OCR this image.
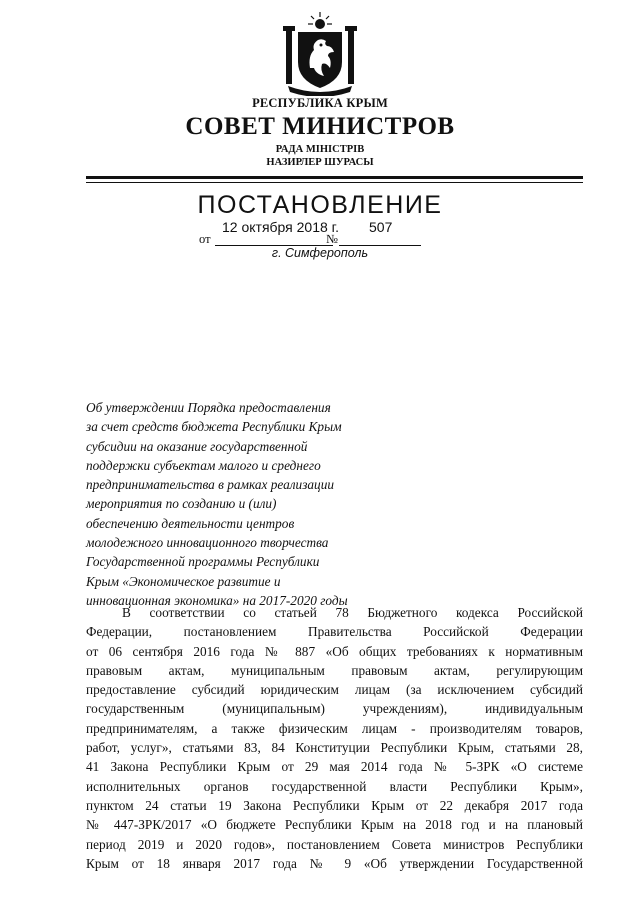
РЕСПУБЛИКА КРЫМ
СОВЕТ МИНИСТРОВ
РАДА МІНІСТРІВ
НАЗИРЛЕР ШУРАСЫ
ПОСТАНОВЛЕНИЕ
12 октября 2018 г. 507
от	№
г. Симферополь
Об утверждении Порядка предоставления
за счет средств бюджета Республики Крым
субсидии на оказание государственной
поддержки субъектам малого и среднего
предпринимательства в рамках реализации
мероприятия по созданию и (или)
обеспечению деятельности центров
молодежного инновационного творчества
Государственной программы Республики
Крым «Экономическое развитие и
инновационная экономика» на 2017-2020 годы
В соответствии со статьей 78 Бюджетного кодекса Российской
Федерации, постановлением Правительства Российской Федерации
от 06 сентября 2016 года № 887 «Об общих требованиях к нормативным
правовым актам, муниципальным правовым актам, регулирующим
предоставление субсидий юридическим лицам (за исключением субсидий
государственным (муниципальным) учреждениям), индивидуальным
предпринимателям, а также физическим лицам - производителям товаров,
работ, услуг», статьями 83, 84 Конституции Республики Крым, статьями 28,
41 Закона Республики Крым от 29 мая 2014 года № 5-ЗРК «О системе
исполнительных органов государственной власти Республики Крым»,
пунктом 24 статьи 19 Закона Республики Крым от 22 декабря 2017 года
№ 447-ЗРК/2017 «О бюджете Республики Крым на 2018 год и на плановый
период 2019 и 2020 годов», постановлением Совета министров Республики
Крым от 18 января 2017 года № 9 «Об утверждении Государственной
